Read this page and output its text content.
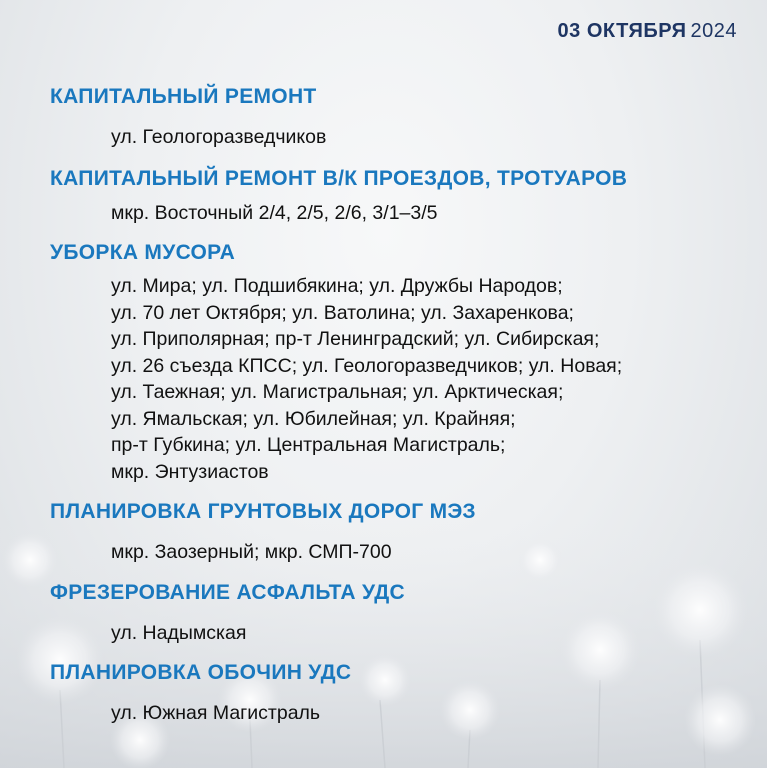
03 ОКТЯБРЯ 2024
КАПИТАЛЬНЫЙ РЕМОНТ
ул. Геологоразведчиков
КАПИТАЛЬНЫЙ РЕМОНТ В/К ПРОЕЗДОВ, ТРОТУАРОВ
мкр. Восточный 2/4, 2/5, 2/6, 3/1–3/5
УБОРКА МУСОРА
ул. Мира; ул. Подшибякина; ул. Дружбы Народов;
ул. 70 лет Октября; ул. Ватолина; ул. Захаренкова;
ул. Приполярная; пр-т Ленинградский; ул. Сибирская;
ул. 26 съезда КПСС; ул. Геологоразведчиков; ул. Новая;
ул. Таежная; ул. Магистральная; ул. Арктическая;
ул. Ямальская; ул. Юбилейная; ул. Крайняя;
пр-т Губкина; ул. Центральная Магистраль;
мкр. Энтузиастов
ПЛАНИРОВКА ГРУНТОВЫХ ДОРОГ МЭЗ
мкр. Заозерный; мкр. СМП-700
ФРЕЗЕРОВАНИЕ АСФАЛЬТА УДС
ул. Надымская
ПЛАНИРОВКА ОБОЧИН УДС
ул. Южная Магистраль
